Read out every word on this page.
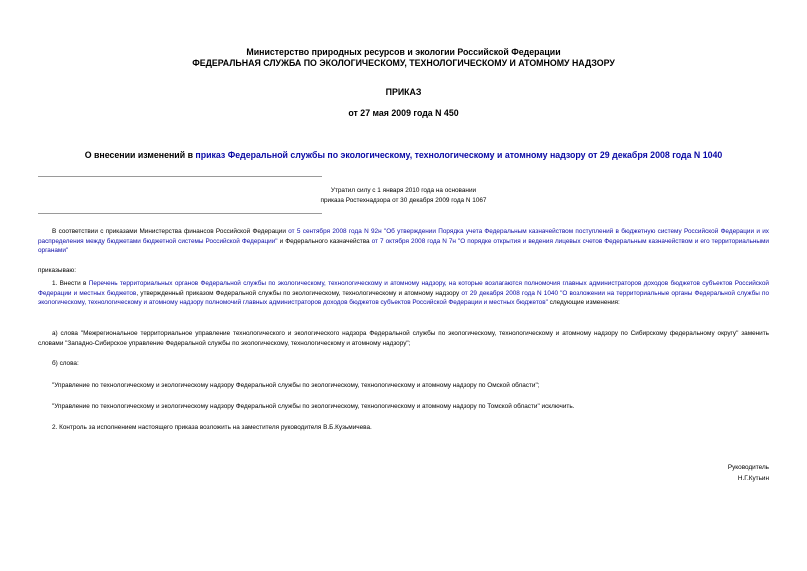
Министерство природных ресурсов и экологии Российской Федерации
ФЕДЕРАЛЬНАЯ СЛУЖБА ПО ЭКОЛОГИЧЕСКОМУ, ТЕХНОЛОГИЧЕСКОМУ И АТОМНОМУ НАДЗОРУ
ПРИКАЗ
от 27 мая 2009 года N 450
О внесении изменений в приказ Федеральной службы по экологическому, технологическому и атомному надзору от 29 декабря 2008 года N 1040
Утратил силу с 1 января 2010 года на основании
приказа Ростехнадзора от 30 декабря 2009 года N 1067
В соответствии с приказами Министерства финансов Российской Федерации от 5 сентября 2008 года N 92н "Об утверждении Порядка учета Федеральным казначейством поступлений в бюджетную систему Российской Федерации и их распределения между бюджетами бюджетной системы Российской Федерации" и Федерального казначейства от 7 октября 2008 года N 7н "О порядке открытия и ведения лицевых счетов Федеральным казначейством и его территориальными органами"
приказываю:
1. Внести в Перечень территориальных органов Федеральной службы по экологическому, технологическому и атомному надзору, на которые возлагаются полномочия главных администраторов доходов бюджетов субъектов Российской Федерации и местных бюджетов, утвержденный приказом Федеральной службы по экологическому, технологическому и атомному надзору от 29 декабря 2008 года N 1040 "О возложении на территориальные органы Федеральной службы по экологическому, технологическому и атомному надзору полномочий главных администраторов доходов бюджетов субъектов Российской Федерации и местных бюджетов" следующие изменения:
а) слова "Межрегиональное территориальное управление технологического и экологического надзора Федеральной службы по экологическому, технологическому и атомному надзору по Сибирскому федеральному округу" заменить словами "Западно-Сибирское управление Федеральной службы по экологическому, технологическому и атомному надзору";
б) слова:
"Управление по технологическому и экологическому надзору Федеральной службы по экологическому, технологическому и атомному надзору по Омской области";
"Управление по технологическому и экологическому надзору Федеральной службы по экологическому, технологическому и атомному надзору по Томской области" исключить.
2. Контроль за исполнением настоящего приказа возложить на заместителя руководителя В.Б.Кузьмичева.
Руководитель
Н.Г.Кутьин
